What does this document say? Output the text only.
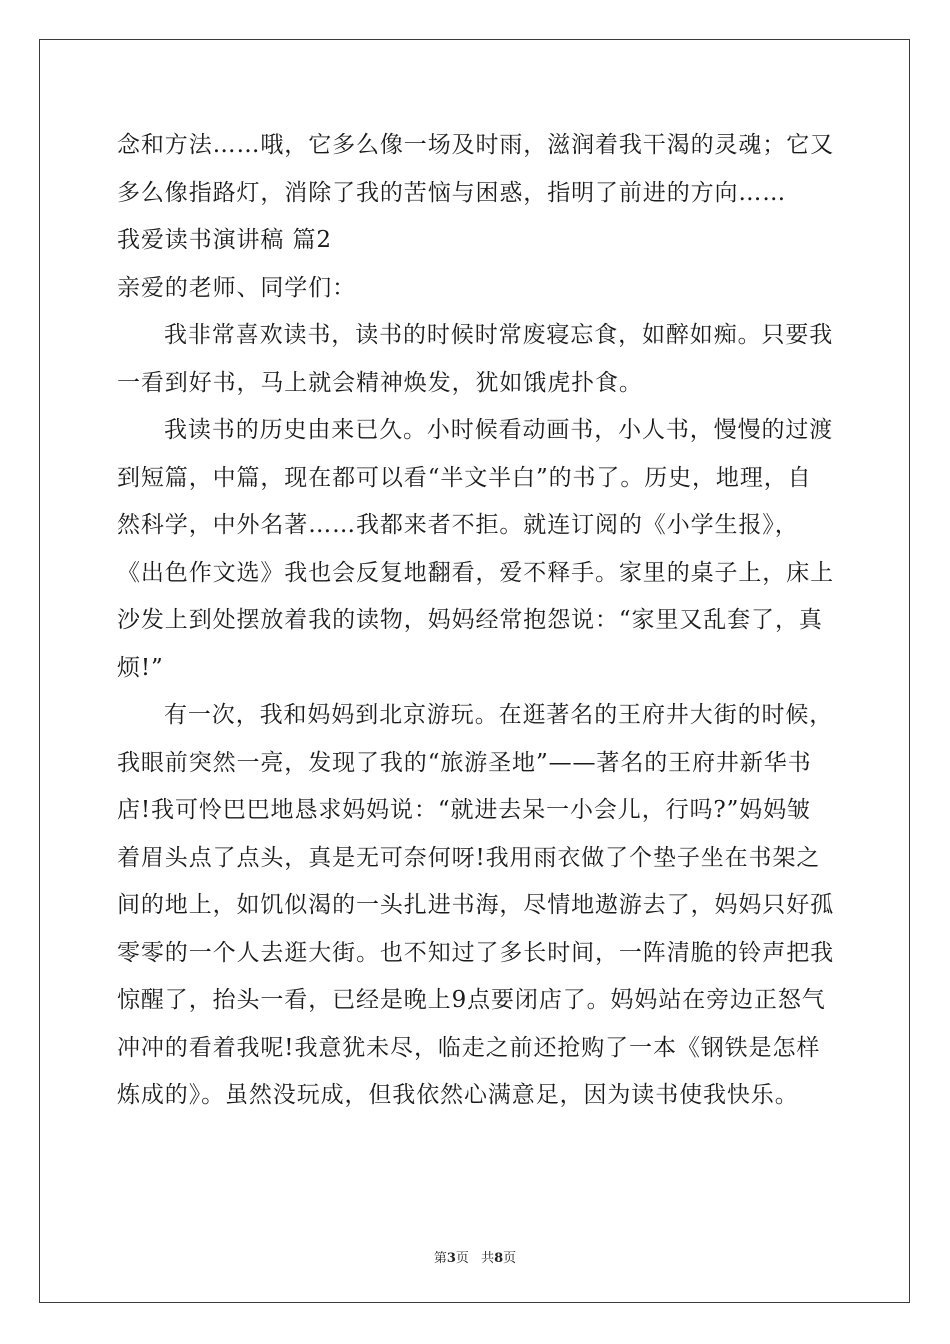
念和方法……哦，它多么像一场及时雨，滋润着我干渴的灵魂；它又
多么像指路灯，消除了我的苦恼与困惑，指明了前进的方向……
我爱读书演讲稿 篇2
亲爱的老师、同学们：
我非常喜欢读书，读书的时候时常废寝忘食，如醉如痴。只要我
一看到好书，马上就会精神焕发，犹如饿虎扑食。
我读书的历史由来已久。小时候看动画书，小人书，慢慢的过渡
到短篇，中篇，现在都可以看“半文半白”的书了。历史，地理，自
然科学，中外名著……我都来者不拒。就连订阅的《小学生报》，
《出色作文选》我也会反复地翻看，爱不释手。家里的桌子上，床上
沙发上到处摆放着我的读物，妈妈经常抱怨说：“家里又乱套了，真
烦!”
有一次，我和妈妈到北京游玩。在逛著名的王府井大街的时候，
我眼前突然一亮，发现了我的“旅游圣地”——著名的王府井新华书
店!我可怜巴巴地恳求妈妈说：“就进去呆一小会儿，行吗?”妈妈皱
着眉头点了点头，真是无可奈何呀!我用雨衣做了个垫子坐在书架之
间的地上，如饥似渴的一头扎进书海，尽情地遨游去了，妈妈只好孤
零零的一个人去逛大街。也不知过了多长时间，一阵清脆的铃声把我
惊醒了，抬头一看，已经是晚上9点要闭店了。妈妈站在旁边正怒气
冲冲的看着我呢!我意犹未尽，临走之前还抢购了一本《钢铁是怎样
炼成的》。虽然没玩成，但我依然心满意足，因为读书使我快乐。
第3页 共8页
